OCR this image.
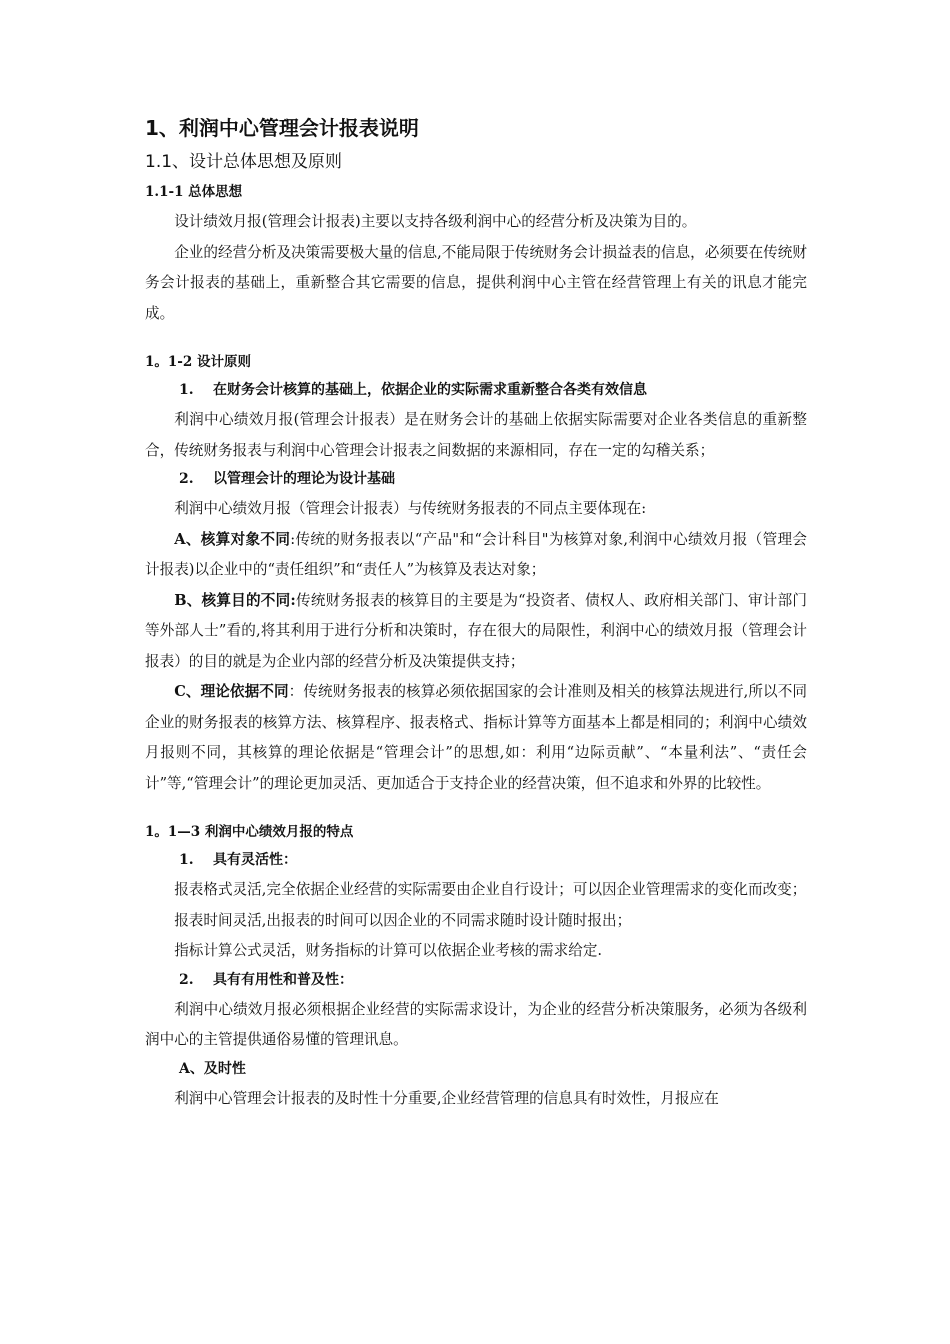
1、利润中心管理会计报表说明
1.1、设计总体思想及原则
1.1-1 总体思想

设计绩效月报(管理会计报表)主要以支持各级利润中心的经营分析及决策为目的。

企业的经营分析及决策需要极大量的信息,不能局限于传统财务会计损益表的信息，必须要在传统财务会计报表的基础上，重新整合其它需要的信息，提供利润中心主管在经营管理上有关的讯息才能完成。

1。1-2 设计原则
1. 在财务会计核算的基础上，依据企业的实际需求重新整合各类有效信息

利润中心绩效月报(管理会计报表）是在财务会计的基础上依据实际需要对企业各类信息的重新整合，传统财务报表与利润中心管理会计报表之间数据的来源相同，存在一定的勾稽关系；

2. 以管理会计的理论为设计基础

利润中心绩效月报（管理会计报表）与传统财务报表的不同点主要体现在:

A、核算对象不同:传统的财务报表以“产品"和“会计科目"为核算对象,利润中心绩效月报（管理会计报表)以企业中的“责任组织”和“责任人”为核算及表达对象；

B、核算目的不同:传统财务报表的核算目的主要是为“投资者、债权人、政府相关部门、审计部门等外部人士”看的,将其利用于进行分析和决策时，存在很大的局限性，利润中心的绩效月报（管理会计报表）的目的就是为企业内部的经营分析及决策提供支持；

C、理论依据不同：传统财务报表的核算必须依据国家的会计准则及相关的核算法规进行,所以不同企业的财务报表的核算方法、核算程序、报表格式、指标计算等方面基本上都是相同的；利润中心绩效月报则不同，其核算的理论依据是“管理会计”的思想,如：利用“边际贡献”、“本量利法”、“责任会计”等,“管理会计”的理论更加灵活、更加适合于支持企业的经营决策，但不追求和外界的比较性。

1。1—3 利润中心绩效月报的特点
1. 具有灵活性：

报表格式灵活,完全依据企业经营的实际需要由企业自行设计；可以因企业管理需求的变化而改变；

报表时间灵活,出报表的时间可以因企业的不同需求随时设计随时报出；

指标计算公式灵活，财务指标的计算可以依据企业考核的需求给定.

2. 具有有用性和普及性：

利润中心绩效月报必须根据企业经营的实际需求设计，为企业的经营分析决策服务，必须为各级利润中心的主管提供通俗易懂的管理讯息。

A、及时性

利润中心管理会计报表的及时性十分重要,企业经营管理的信息具有时效性，月报应在
